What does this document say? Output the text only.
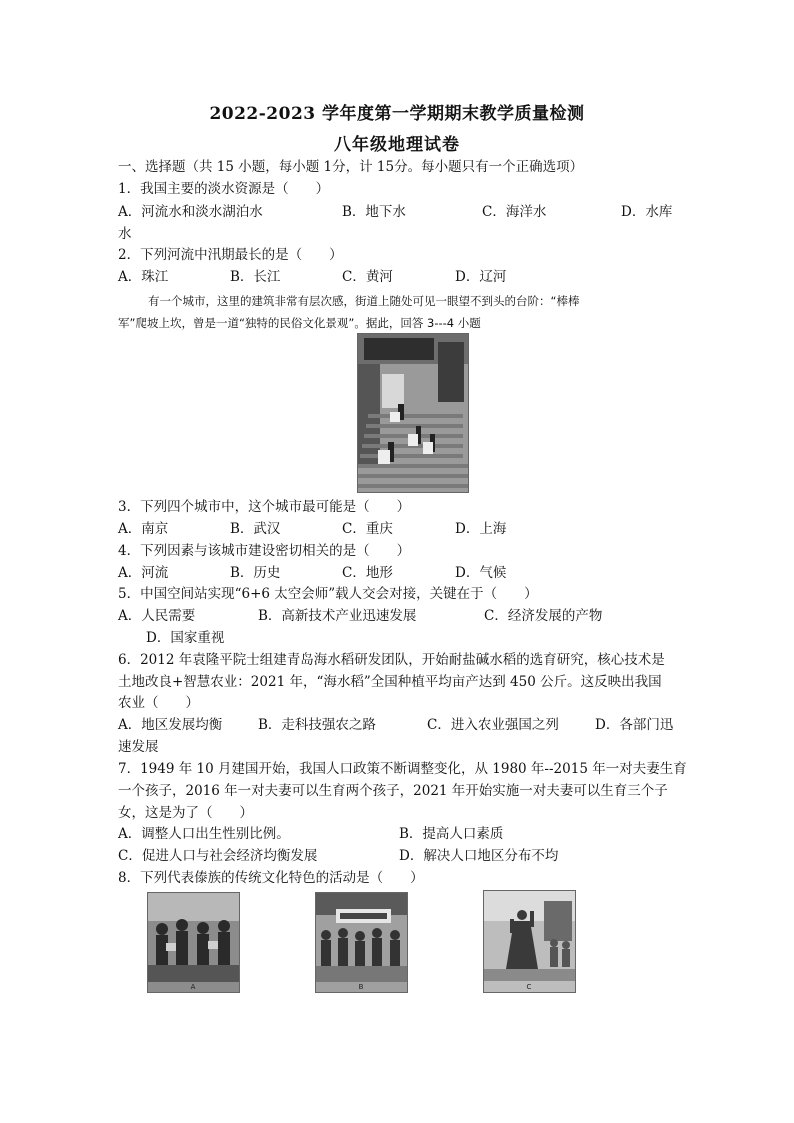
2022-2023 学年度第一学期期末教学质量检测
八年级地理试卷
一、选择题（共 15 小题，每小题 1分，计 15分。每小题只有一个正确选项）
1．我国主要的淡水资源是（　　）
A．河流水和淡水湖泊水	B．地下水	C．海洋水	D．水库
水
2．下列河流中汛期最长的是（　　）
A．珠江	B．长江	C．黄河	D．辽河
有一个城市，这里的建筑非常有层次感，街道上随处可见一眼望不到头的台阶：“棒棒
军”爬坡上坎，曾是一道“独特的民俗文化景观”。据此，回答 3---4 小题
3．下列四个城市中，这个城市最可能是（　　）
A．南京	B．武汉	C．重庆	D．上海
4．下列因素与该城市建设密切相关的是（　　）
A．河流	B．历史	C．地形	D．气候
5．中国空间站实现“6+6 太空会师”载人交会对接，关键在于（　　）
A．人民需要	B．高新技术产业迅速发展	C．经济发展的产物
D．国家重视
6．2012 年袁隆平院士组建青岛海水稻研发团队，开始耐盐碱水稻的选育研究，核心技术是
土地改良+智慧农业：2021 年，“海水稻”全国种植平均亩产达到 450 公斤。这反映出我国
农业（　　）
A．地区发展均衡	B．走科技强农之路	C．进入农业强国之列	D．各部门迅
速发展
7．1949 年 10 月建国开始，我国人口政策不断调整变化，从 1980 年--2015 年一对夫妻生育
一个孩子，2016 年一对夫妻可以生育两个孩子，2021 年开始实施一对夫妻可以生育三个子
女，这是为了（　　）
A．调整人口出生性别比例。	B．提高人口素质
C．促进人口与社会经济均衡发展	D．解决人口地区分布不均
8．下列代表傣族的传统文化特色的活动是（　　）
A	B	C
